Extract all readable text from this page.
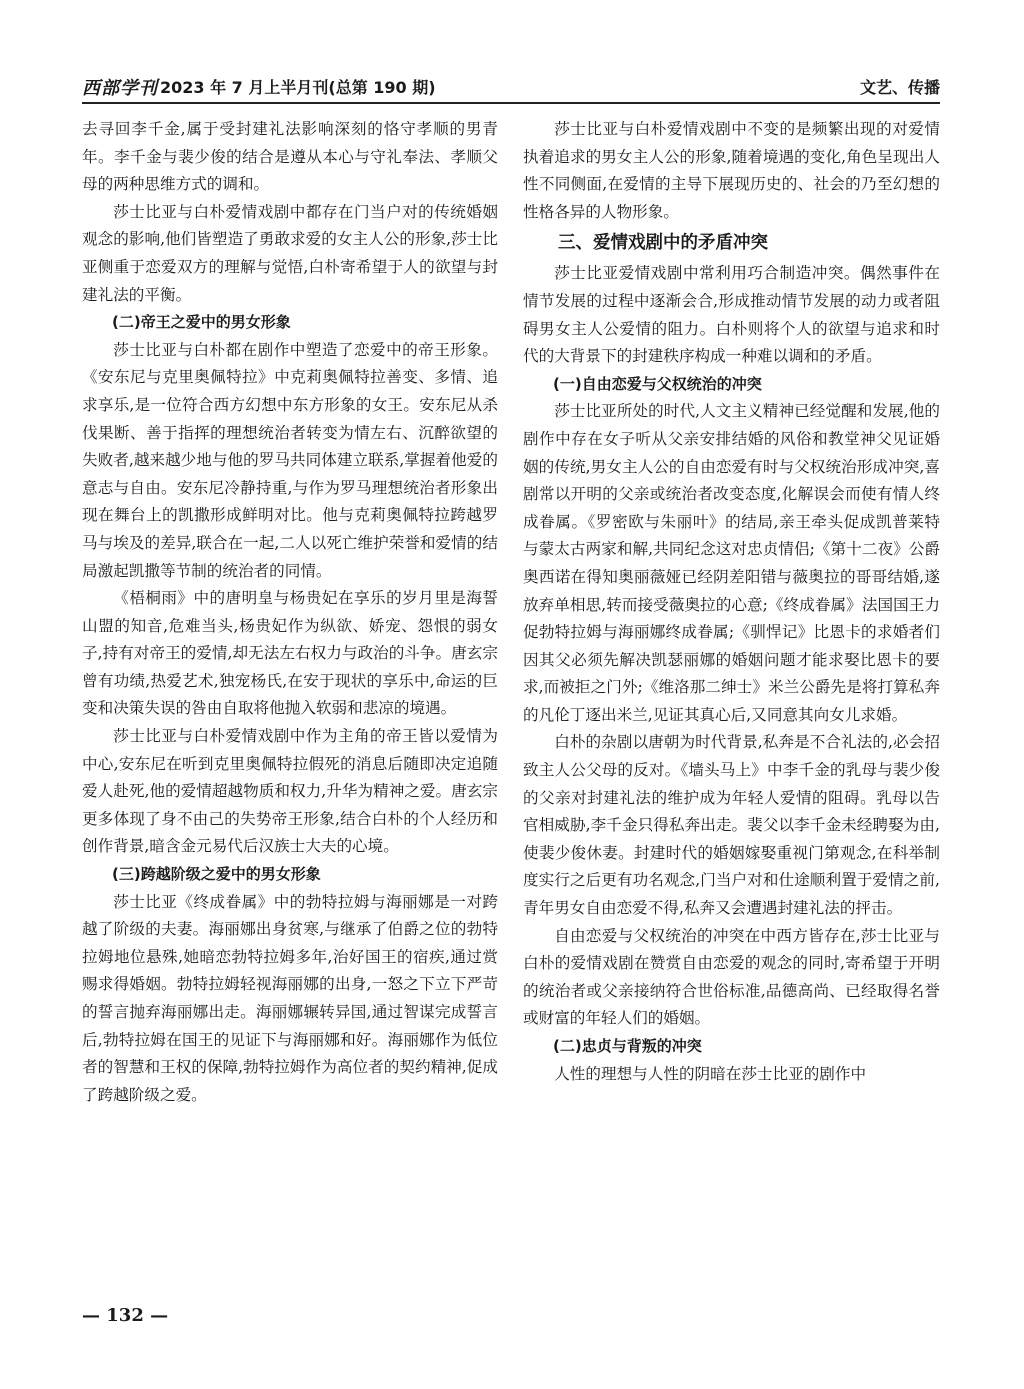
西部学刊 2023 年 7 月上半月刊(总第 190 期)	文艺、传播

去寻回李千金,属于受封建礼法影响深刻的恪守孝顺的男青年。李千金与裴少俊的结合是遵从本心与守礼奉法、孝顺父母的两种思维方式的调和。

莎士比亚与白朴爱情戏剧中都存在门当户对的传统婚姻观念的影响,他们皆塑造了勇敢求爱的女主人公的形象,莎士比亚侧重于恋爱双方的理解与觉悟,白朴寄希望于人的欲望与封建礼法的平衡。

(二)帝王之爱中的男女形象

莎士比亚与白朴都在剧作中塑造了恋爱中的帝王形象。《安东尼与克里奥佩特拉》中克莉奥佩特拉善变、多情、追求享乐,是一位符合西方幻想中东方形象的女王。安东尼从杀伐果断、善于指挥的理想统治者转变为情左右、沉醉欲望的失败者,越来越少地与他的罗马共同体建立联系,掌握着他爱的意志与自由。安东尼冷静持重,与作为罗马理想统治者形象出现在舞台上的凯撒形成鲜明对比。他与克莉奥佩特拉跨越罗马与埃及的差异,联合在一起,二人以死亡维护荣誉和爱情的结局激起凯撒等节制的统治者的同情。

《梧桐雨》中的唐明皇与杨贵妃在享乐的岁月里是海誓山盟的知音,危难当头,杨贵妃作为纵欲、娇宠、怨恨的弱女子,持有对帝王的爱情,却无法左右权力与政治的斗争。唐玄宗曾有功绩,热爱艺术,独宠杨氏,在安于现状的享乐中,命运的巨变和决策失误的咎由自取将他抛入软弱和悲凉的境遇。

莎士比亚与白朴爱情戏剧中作为主角的帝王皆以爱情为中心,安东尼在听到克里奥佩特拉假死的消息后随即决定追随爱人赴死,他的爱情超越物质和权力,升华为精神之爱。唐玄宗更多体现了身不由己的失势帝王形象,结合白朴的个人经历和创作背景,暗含金元易代后汉族士大夫的心境。

(三)跨越阶级之爱中的男女形象

莎士比亚《终成眷属》中的勃特拉姆与海丽娜是一对跨越了阶级的夫妻。海丽娜出身贫寒,与继承了伯爵之位的勃特拉姆地位悬殊,她暗恋勃特拉姆多年,治好国王的宿疾,通过赏赐求得婚姻。勃特拉姆轻视海丽娜的出身,一怒之下立下严苛的誓言抛弃海丽娜出走。海丽娜辗转异国,通过智谋完成誓言后,勃特拉姆在国王的见证下与海丽娜和好。海丽娜作为低位者的智慧和王权的保障,勃特拉姆作为高位者的契约精神,促成了跨越阶级之爱。

莎士比亚与白朴爱情戏剧中不变的是频繁出现的对爱情执着追求的男女主人公的形象,随着境遇的变化,角色呈现出人性不同侧面,在爱情的主导下展现历史的、社会的乃至幻想的性格各异的人物形象。

三、爱情戏剧中的矛盾冲突

莎士比亚爱情戏剧中常利用巧合制造冲突。偶然事件在情节发展的过程中逐渐会合,形成推动情节发展的动力或者阻碍男女主人公爱情的阻力。白朴则将个人的欲望与追求和时代的大背景下的封建秩序构成一种难以调和的矛盾。

(一)自由恋爱与父权统治的冲突

莎士比亚所处的时代,人文主义精神已经觉醒和发展,他的剧作中存在女子听从父亲安排结婚的风俗和教堂神父见证婚姻的传统,男女主人公的自由恋爱有时与父权统治形成冲突,喜剧常以开明的父亲或统治者改变态度,化解误会而使有情人终成眷属。《罗密欧与朱丽叶》的结局,亲王牵头促成凯普莱特与蒙太古两家和解,共同纪念这对忠贞情侣;《第十二夜》公爵奥西诺在得知奥丽薇娅已经阴差阳错与薇奥拉的哥哥结婚,遂放弃单相思,转而接受薇奥拉的心意;《终成眷属》法国国王力促勃特拉姆与海丽娜终成眷属;《驯悍记》比恩卡的求婚者们因其父必须先解决凯瑟丽娜的婚姻问题才能求娶比恩卡的要求,而被拒之门外;《维洛那二绅士》米兰公爵先是将打算私奔的凡伦丁逐出米兰,见证其真心后,又同意其向女儿求婚。

白朴的杂剧以唐朝为时代背景,私奔是不合礼法的,必会招致主人公父母的反对。《墙头马上》中李千金的乳母与裴少俊的父亲对封建礼法的维护成为年轻人爱情的阻碍。乳母以告官相威胁,李千金只得私奔出走。裴父以李千金未经聘娶为由,使裴少俊休妻。封建时代的婚姻嫁娶重视门第观念,在科举制度实行之后更有功名观念,门当户对和仕途顺利置于爱情之前,青年男女自由恋爱不得,私奔又会遭遇封建礼法的抨击。

自由恋爱与父权统治的冲突在中西方皆存在,莎士比亚与白朴的爱情戏剧在赞赏自由恋爱的观念的同时,寄希望于开明的统治者或父亲接纳符合世俗标准,品德高尚、已经取得名誉或财富的年轻人们的婚姻。

(二)忠贞与背叛的冲突

人性的理想与人性的阴暗在莎士比亚的剧作中

— 132 —
